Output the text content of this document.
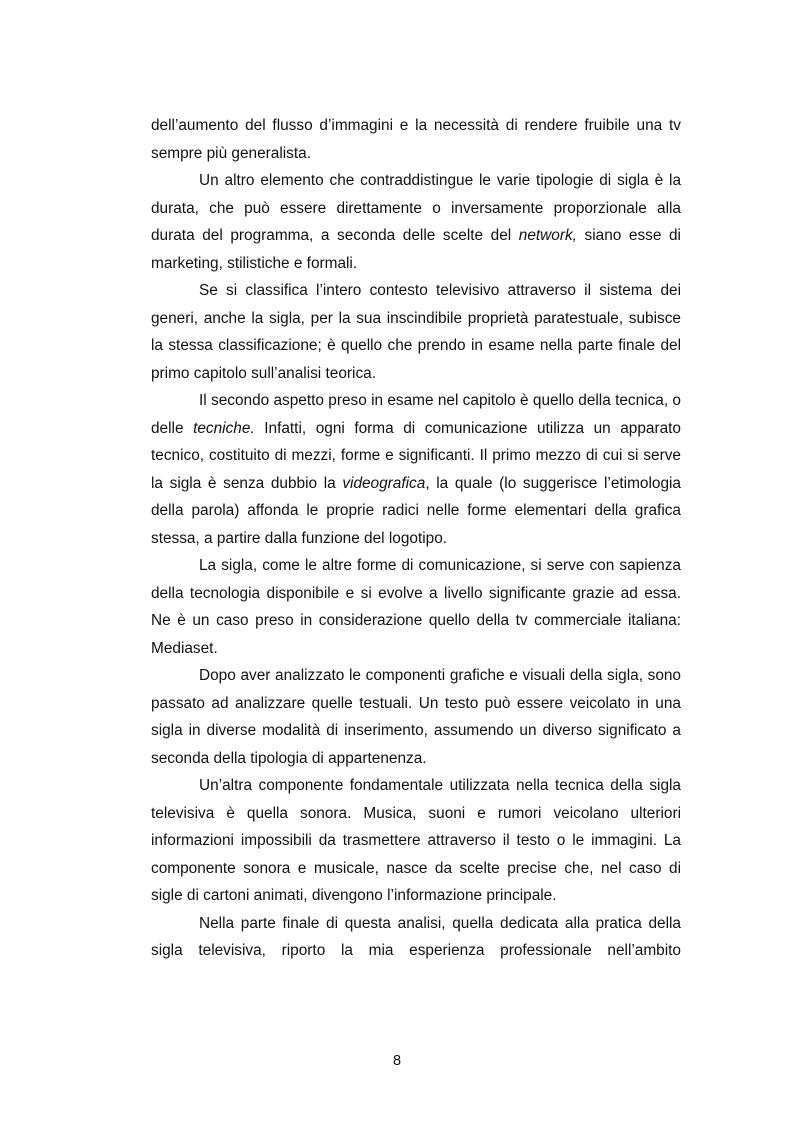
dell’aumento del flusso d’immagini e la necessità di rendere fruibile una tv sempre più generalista.

Un altro elemento che contraddistingue le varie tipologie di sigla è la durata, che può essere direttamente o inversamente proporzionale alla durata del programma, a seconda delle scelte del network, siano esse di marketing, stilistiche e formali.

Se si classifica l’intero contesto televisivo attraverso il sistema dei generi, anche la sigla, per la sua inscindibile proprietà paratestuale, subisce la stessa classificazione; è quello che prendo in esame nella parte finale del primo capitolo sull’analisi teorica.

Il secondo aspetto preso in esame nel capitolo è quello della tecnica, o delle tecniche. Infatti, ogni forma di comunicazione utilizza un apparato tecnico, costituito di mezzi, forme e significanti. Il primo mezzo di cui si serve la sigla è senza dubbio la videografica, la quale (lo suggerisce l’etimologia della parola) affonda le proprie radici nelle forme elementari della grafica stessa, a partire dalla funzione del logotipo.

La sigla, come le altre forme di comunicazione, si serve con sapienza della tecnologia disponibile e si evolve a livello significante grazie ad essa. Ne è un caso preso in considerazione quello della tv commerciale italiana: Mediaset.

Dopo aver analizzato le componenti grafiche e visuali della sigla, sono passato ad analizzare quelle testuali. Un testo può essere veicolato in una sigla in diverse modalità di inserimento, assumendo un diverso significato a seconda della tipologia di appartenenza.

Un’altra componente fondamentale utilizzata nella tecnica della sigla televisiva è quella sonora. Musica, suoni e rumori veicolano ulteriori informazioni impossibili da trasmettere attraverso il testo o le immagini. La componente sonora e musicale, nasce da scelte precise che, nel caso di sigle di cartoni animati, divengono l’informazione principale.

Nella parte finale di questa analisi, quella dedicata alla pratica della sigla televisiva, riporto la mia esperienza professionale nell’ambito

8
